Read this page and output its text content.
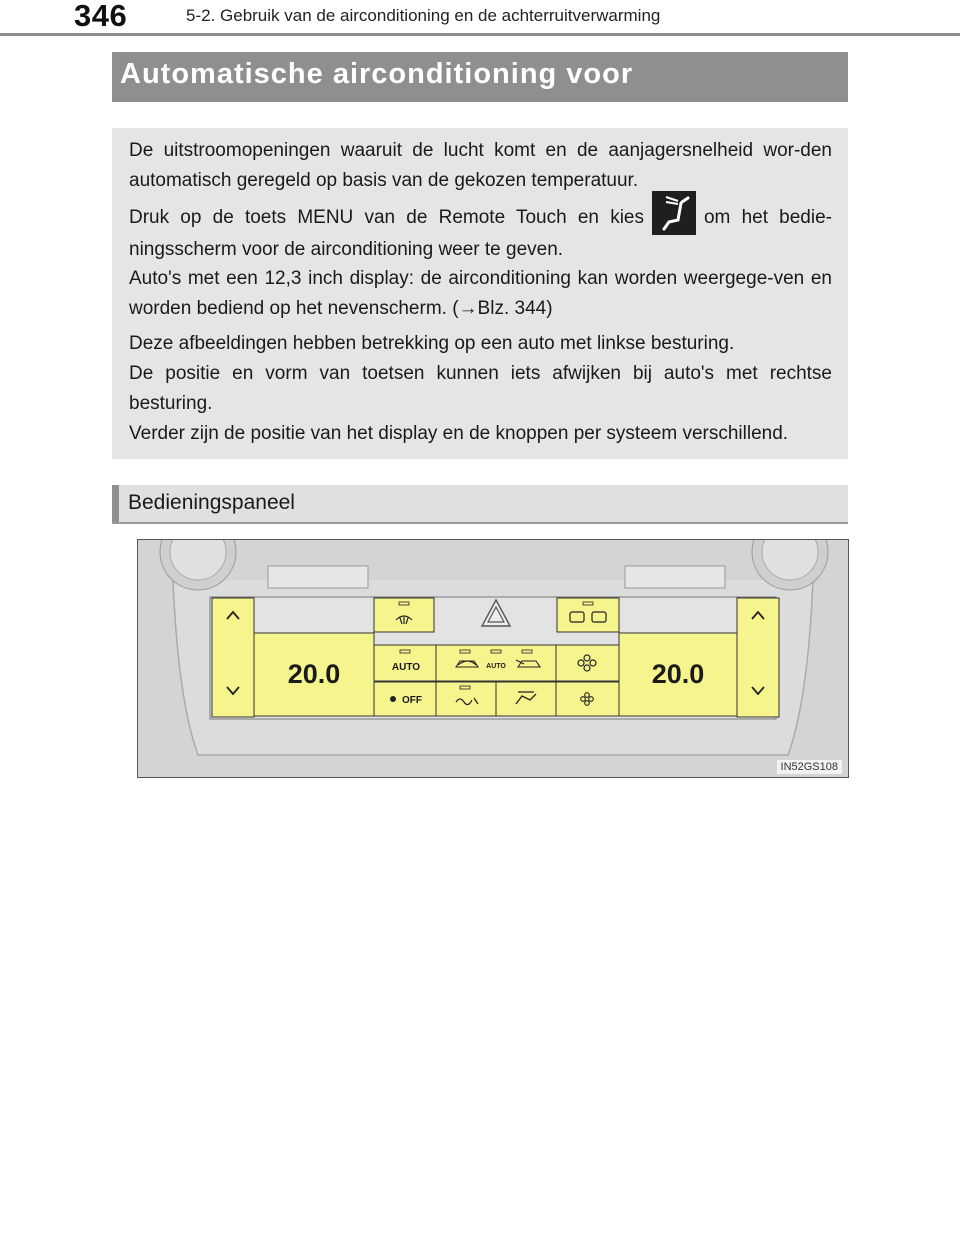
346	5-2. Gebruik van de airconditioning en de achterruitverwarming
Automatische airconditioning voor

De uitstroomopeningen waaruit de lucht komt en de aanjagersnelheid wor-den automatisch geregeld op basis van de gekozen temperatuur.

Druk op de toets MENU van de Remote Touch en kies	om het bedie-ningsscherm voor de airconditioning weer te geven.

Auto's met een 12,3 inch display: de airconditioning kan worden weergege-ven en worden bediend op het nevenscherm. (→Blz. 344)

Deze afbeeldingen hebben betrekking op een auto met linkse besturing.
De positie en vorm van toetsen kunnen iets afwijken bij auto's met rechtse besturing.
Verder zijn de positie van het display en de knoppen per systeem verschillend.

Bedieningspaneel
20.0	20.0
AUTO	AUTO
OFF
IN52GS108
